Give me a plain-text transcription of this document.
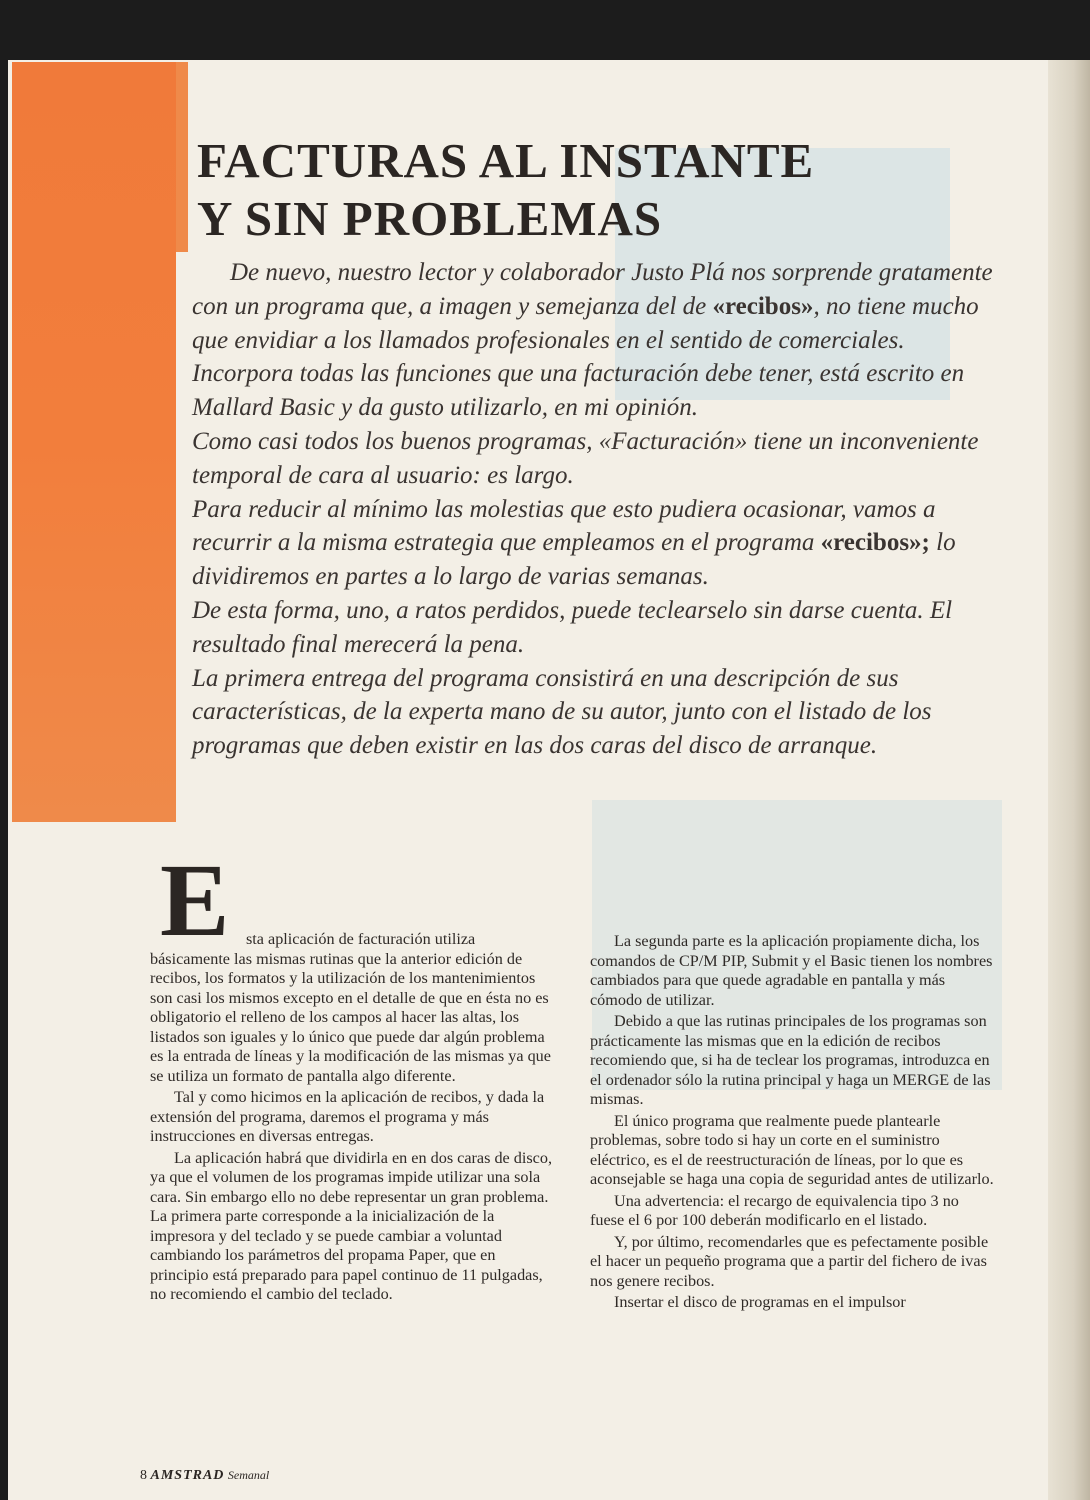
FACTURAS AL INSTANTE
Y SIN PROBLEMAS

De nuevo, nuestro lector y colaborador Justo Plá nos sorprende gratamente con un programa que, a imagen y semejanza del de «recibos», no tiene mucho que envidiar a los llamados profesionales en el sentido de comerciales.

Incorpora todas las funciones que una facturación debe tener, está escrito en Mallard Basic y da gusto utilizarlo, en mi opinión.

Como casi todos los buenos programas, «Facturación» tiene un inconveniente temporal de cara al usuario: es largo.

Para reducir al mínimo las molestias que esto pudiera ocasionar, vamos a recurrir a la misma estrategia que empleamos en el programa «recibos»; lo dividiremos en partes a lo largo de varias semanas.

De esta forma, uno, a ratos perdidos, puede teclearselo sin darse cuenta. El resultado final merecerá la pena.

La primera entrega del programa consistirá en una descripción de sus características, de la experta mano de su autor, junto con el listado de los programas que deben existir en las dos caras del disco de arranque.

E	sta aplicación de facturación utiliza

básicamente las mismas rutinas que la anterior edición de recibos, los formatos y la utilización de los mantenimientos son casi los mismos excepto en el detalle de que en ésta no es obligatorio el relleno de los campos al hacer las altas, los listados son iguales y lo único que puede dar algún problema es la entrada de líneas y la modificación de las mismas ya que se utiliza un formato de pantalla algo diferente.

Tal y como hicimos en la aplicación de recibos, y dada la extensión del programa, daremos el programa y más instrucciones en diversas entregas.

La aplicación habrá que dividirla en en dos caras de disco, ya que el volumen de los programas impide utilizar una sola cara. Sin embargo ello no debe representar un gran problema. La primera parte corresponde a la inicialización de la impresora y del teclado y se puede cambiar a voluntad cambiando los parámetros del propama Paper, que en principio está preparado para papel continuo de 11 pulgadas, no recomiendo el cambio del teclado.

La segunda parte es la aplicación propiamente dicha, los comandos de CP/M PIP, Submit y el Basic tienen los nombres cambiados para que quede agradable en pantalla y más cómodo de utilizar.

Debido a que las rutinas principales de los programas son prácticamente las mismas que en la edición de recibos recomiendo que, si ha de teclear los programas, introduzca en el ordenador sólo la rutina principal y haga un MERGE de las mismas.

El único programa que realmente puede plantearle problemas, sobre todo si hay un corte en el suministro eléctrico, es el de reestructuración de líneas, por lo que es aconsejable se haga una copia de seguridad antes de utilizarlo.

Una advertencia: el recargo de equivalencia tipo 3 no fuese el 6 por 100 deberán modificarlo en el listado.

Y, por último, recomendarles que es pefectamente posible el hacer un pequeño programa que a partir del fichero de ivas nos genere recibos.

Insertar el disco de programas en el impulsor

8 AMSTRAD Semanal
